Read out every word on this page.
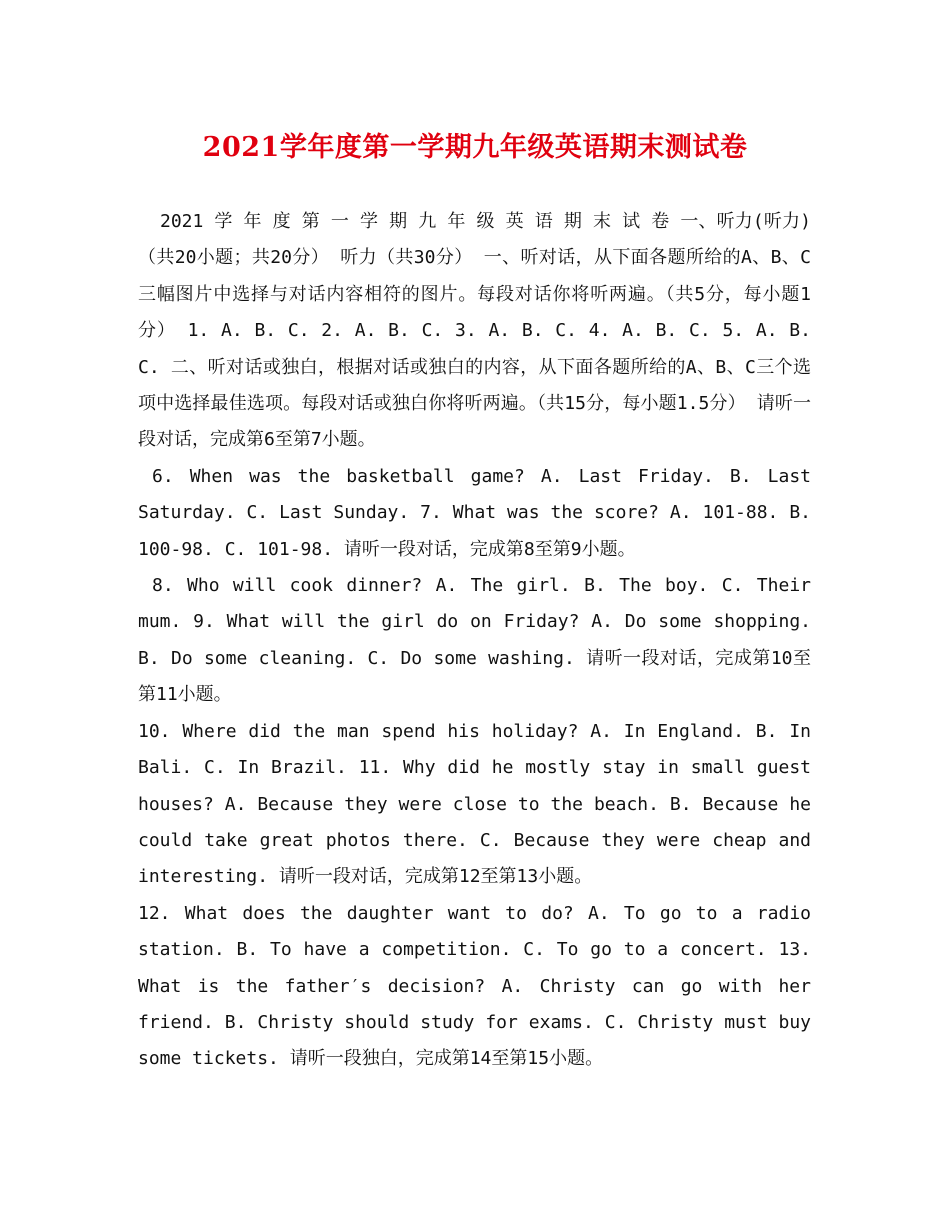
2021学年度第一学期九年级英语期末测试卷

2021 学 年 度 第 一 学 期 九 年 级 英 语 期 末 试 卷 一、听力(听力)（共20小题；共20分） 听力（共30分） 一、听对话，从下面各题所给的A、B、C三幅图片中选择与对话内容相符的图片。每段对话你将听两遍。（共5分，每小题1分） 1. A. B. C. 2. A. B. C. 3. A. B. C. 4. A. B. C. 5. A. B. C. 二、听对话或独白，根据对话或独白的内容，从下面各题所给的A、B、C三个选项中选择最佳选项。每段对话或独白你将听两遍。（共15分，每小题1.5分） 请听一段对话，完成第6至第7小题。

6. When was the basketball game? A. Last Friday. B. Last Saturday. C. Last Sunday. 7. What was the score? A. 101-88. B. 100-98. C. 101-98. 请听一段对话，完成第8至第9小题。

8. Who will cook dinner? A. The girl. B. The boy. C. Their mum. 9. What will the girl do on Friday? A. Do some shopping. B. Do some cleaning. C. Do some washing. 请听一段对话，完成第10至第11小题。

10. Where did the man spend his holiday? A. In England. B. In Bali. C. In Brazil. 11. Why did he mostly stay in small guest houses? A. Because they were close to the beach. B. Because he could take great photos there. C. Because they were cheap and interesting. 请听一段对话，完成第12至第13小题。

12. What does the daughter want to do? A. To go to a radio station. B. To have a competition. C. To go to a concert. 13. What is the father′s decision? A. Christy can go with her friend. B. Christy should study for exams. C. Christy must buy some tickets. 请听一段独白，完成第14至第15小题。
